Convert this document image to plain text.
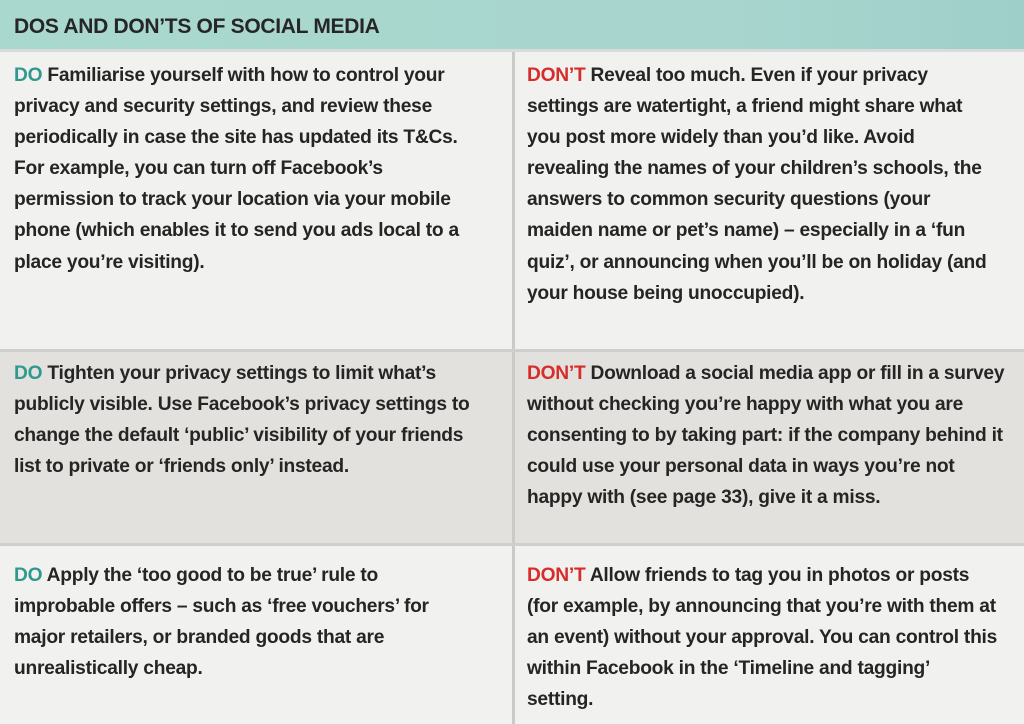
DOS AND DON’TS OF SOCIAL MEDIA

DO Familiarise yourself with how to control your privacy and security settings, and review these periodically in case the site has updated its T&Cs. For example, you can turn off Facebook’s permission to track your location via your mobile phone (which enables it to send you ads local to a place you’re visiting).

DON’T Reveal too much. Even if your privacy settings are watertight, a friend might share what you post more widely than you’d like. Avoid revealing the names of your children’s schools, the answers to common security questions (your maiden name or pet’s name) – especially in a ‘fun quiz’, or announcing when you’ll be on holiday (and your house being unoccupied).

DO Tighten your privacy settings to limit what’s publicly visible. Use Facebook’s privacy settings to change the default ‘public’ visibility of your friends list to private or ‘friends only’ instead.

DON’T Download a social media app or fill in a survey without checking you’re happy with what you are consenting to by taking part: if the company behind it could use your personal data in ways you’re not happy with (see page 33), give it a miss.

DO Apply the ‘too good to be true’ rule to improbable offers – such as ‘free vouchers’ for major retailers, or branded goods that are unrealistically cheap.

DON’T Allow friends to tag you in photos or posts (for example, by announcing that you’re with them at an event) without your approval. You can control this within Facebook in the ‘Timeline and tagging’ setting.
